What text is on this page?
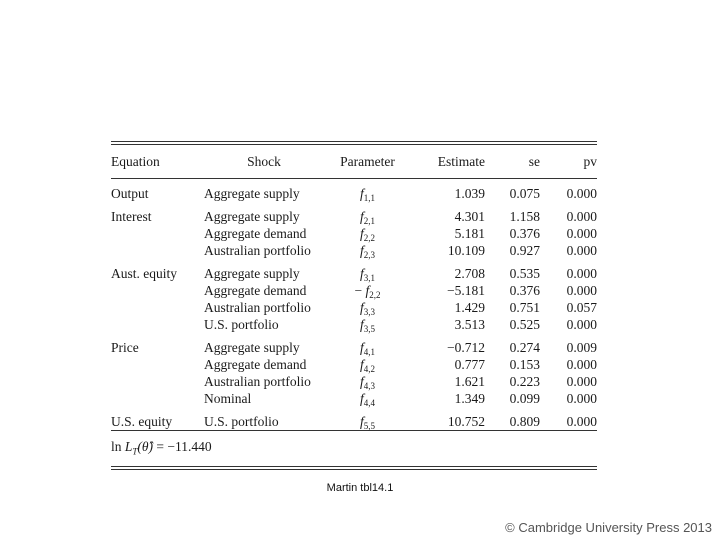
Equation	Shock	Parameter	Estimate	se	pv

Output	Aggregate supply	$f_{1,1}$	1.039	0.075	0.000
Interest	Aggregate supply	$f_{2,1}$	4.301	1.158	0.000
	Aggregate demand	$f_{2,2}$	5.181	0.376	0.000
	Australian portfolio	$f_{2,3}$	10.109	0.927	0.000
Aust. equity	Aggregate supply	$f_{3,1}$	2.708	0.535	0.000
	Aggregate demand	− $f_{2,2}$	−5.181	0.376	0.000
	Australian portfolio	$f_{3,3}$	1.429	0.751	0.057
	U.S. portfolio	$f_{3,5}$	3.513	0.525	0.000
Price	Aggregate supply	$f_{4,1}$	−0.712	0.274	0.009
	Aggregate demand	$f_{4,2}$	0.777	0.153	0.000
	Australian portfolio	$f_{4,3}$	1.621	0.223	0.000
	Nominal	$f_{4,4}$	1.349	0.099	0.000
U.S. equity	U.S. portfolio	$f_{5,5}$	10.752	0.809	0.000
$\ln L_T(\thetâ) = -11.440$
Martin tbl14.1
© Cambridge University Press 2013
